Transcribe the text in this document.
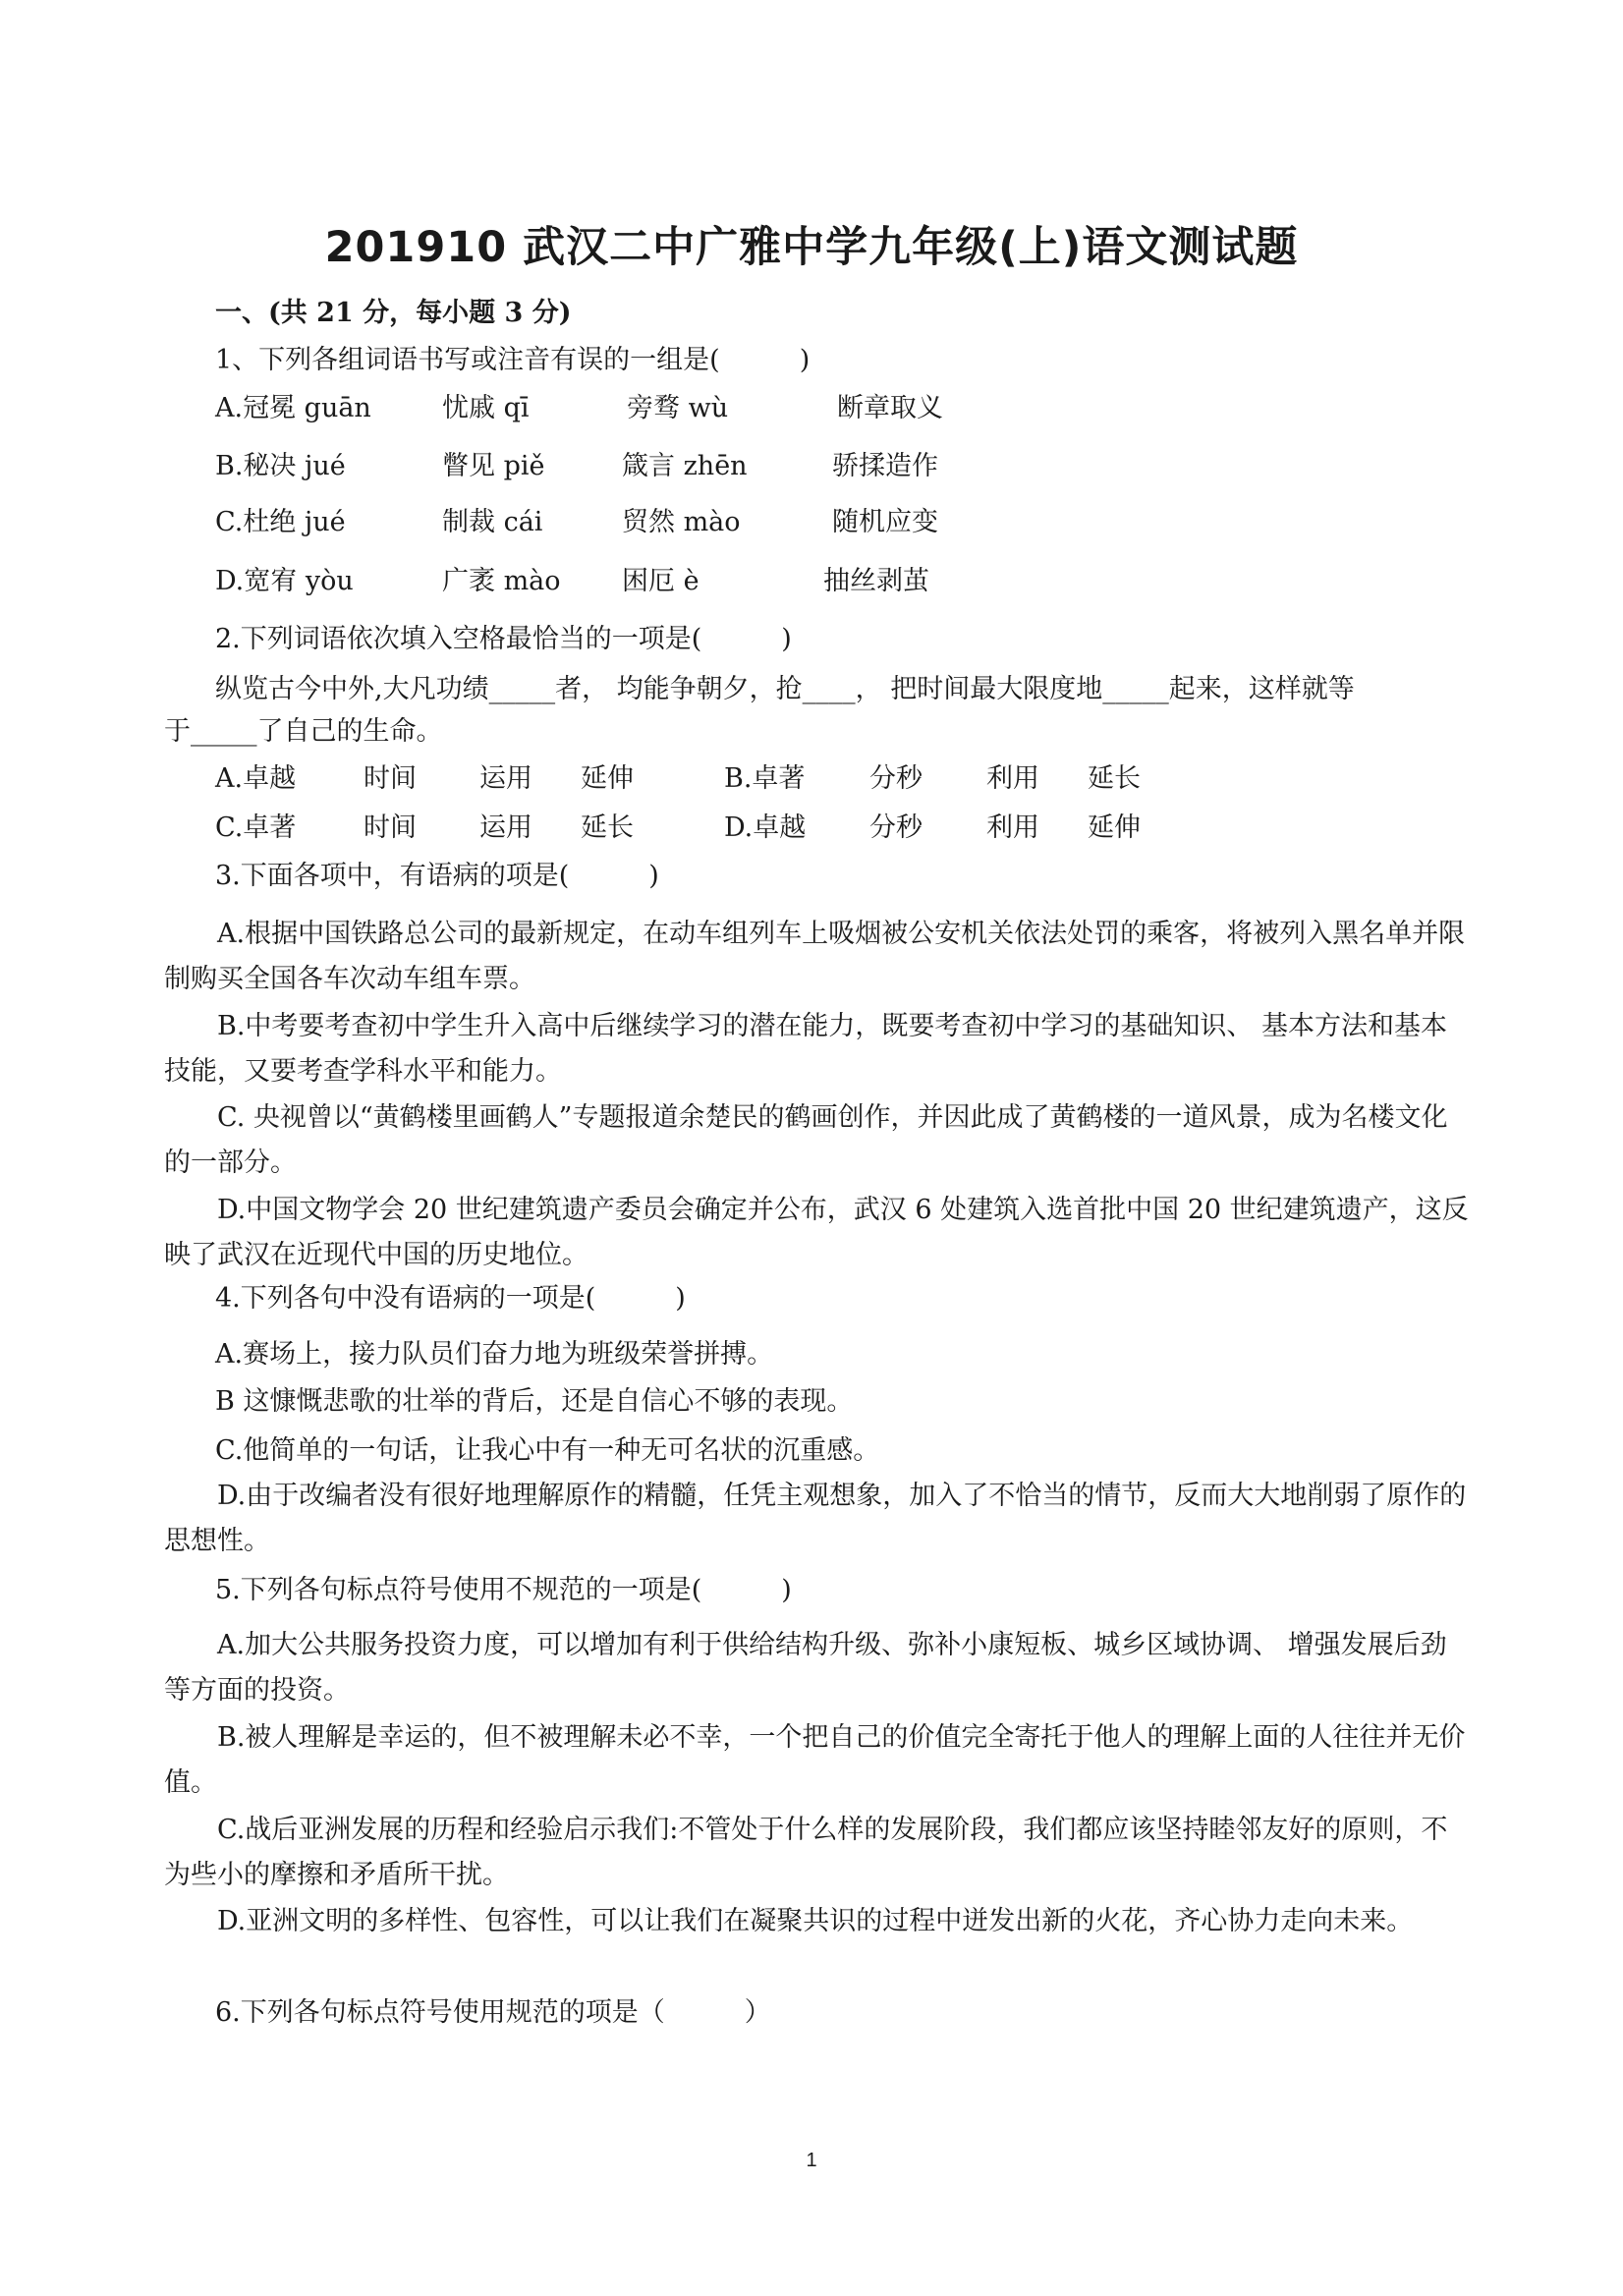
201910 武汉二中广雅中学九年级(上)语文测试题
一、(共 21 分，每小题 3 分)
1、下列各组词语书写或注音有误的一组是(　　　)
A.冠冕 guān	忧戚 qī	旁骛 wù	断章取义
B.秘决 jué	瞥见 piě	箴言 zhēn	骄揉造作
C.杜绝 jué	制裁 cái	贸然 mào	随机应变
D.宽宥 yòu	广袤 mào 困厄 è	抽丝剥茧
2.下列词语依次填入空格最恰当的一项是(　　　)
纵览古今中外,大凡功绩_____者， 均能争朝夕，抢____， 把时间最大限度地_____起来，这样就等
于_____了自己的生命。
A.卓越	时间 运用 延伸	B.卓著 分秒 利用 延长
C.卓著	时间 运用 延长	D.卓越 分秒 利用 延伸
3.下面各项中，有语病的项是(　　　)
A.根据中国铁路总公司的最新规定，在动车组列车上吸烟被公安机关依法处罚的乘客，将被列入黑名单并限制购买全国各车次动车组车票。
B.中考要考查初中学生升入高中后继续学习的潜在能力，既要考查初中学习的基础知识、 基本方法和基本技能，又要考查学科水平和能力。
C. 央视曾以“黄鹤楼里画鹤人”专题报道余楚民的鹤画创作，并因此成了黄鹤楼的一道风景，成为名楼文化的一部分。
D.中国文物学会 20 世纪建筑遗产委员会确定并公布，武汉 6 处建筑入选首批中国 20 世纪建筑遗产，这反映了武汉在近现代中国的历史地位。
4.下列各句中没有语病的一项是(　　　)
A.赛场上，接力队员们奋力地为班级荣誉拼搏。
B 这慷慨悲歌的壮举的背后，还是自信心不够的表现。
C.他简单的一句话，让我心中有一种无可名状的沉重感。
D.由于改编者没有很好地理解原作的精髓，任凭主观想象，加入了不恰当的情节，反而大大地削弱了原作的思想性。
5.下列各句标点符号使用不规范的一项是(　　　)
A.加大公共服务投资力度，可以增加有利于供给结构升级、弥补小康短板、城乡区域协调、 增强发展后劲等方面的投资。
B.被人理解是幸运的，但不被理解未必不幸，一个把自己的价值完全寄托于他人的理解上面的人往往并无价值。
C.战后亚洲发展的历程和经验启示我们:不管处于什么样的发展阶段，我们都应该坚持睦邻友好的原则，不为些小的摩擦和矛盾所干扰。
D.亚洲文明的多样性、包容性，可以让我们在凝聚共识的过程中迸发出新的火花，齐心协力走向未来。
6.下列各句标点符号使用规范的项是（　　　）
1
